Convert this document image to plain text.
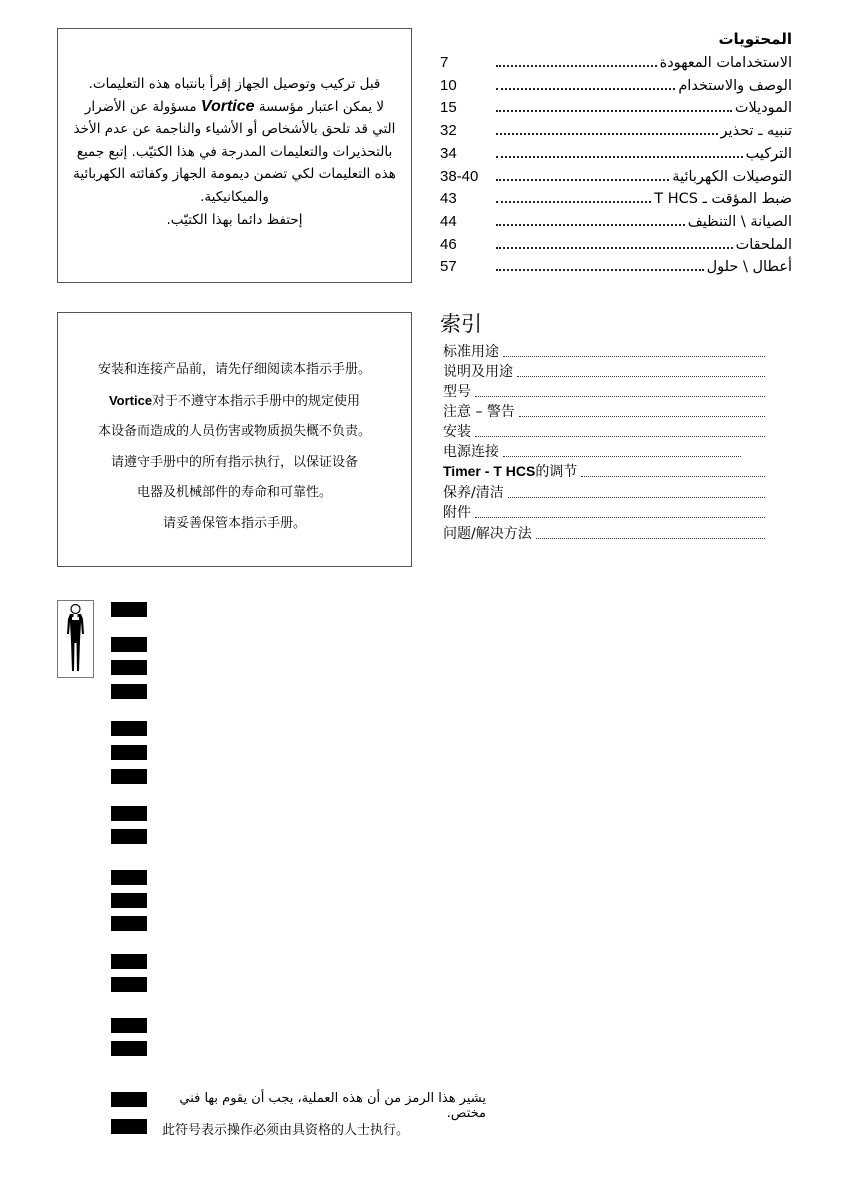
قبل تركيب وتوصيل الجهاز إقرأ بانتباه هذه التعليمات.
لا يمكن اعتبار مؤسسة Vortice مسؤولة عن الأضرار التي قد تلحق بالأشخاص أو الأشياء والناجمة عن عدم الأخذ بالتحذيرات والتعليمات المدرجة في هذا الكتيّب. إتبع جميع هذه التعليمات لكي تضمن ديمومة الجهاز وكفائته الكهربائية والميكانيكية.
إحتفظ دائما بهذا الكتيّب.
安装和连接产品前，请先仔细阅读本指示手册。
Vortice对于不遵守本指示手册中的规定使用
本设备而造成的人员伤害或物质损失概不负责。
请遵守手册中的所有指示执行，以保证设备
电器及机械部件的寿命和可靠性。
请妥善保管本指示手册。
المحتويات
7	الاستخدامات المعهودة
10	الوصف والاستخدام
15	الموديلات
32	تنبيه ـ تحذير
34	التركيب
38-40	التوصيلات الكهربائية
43	ضبط المؤقت ـ T HCS
44	الصيانة \ التنظيف
46	الملحقات
57	أعطال \ حلول
索引
标准用途
说明及用途
型号
注意 – 警告
安装
电源连接
Timer - T HCS的调节
保养/清洁
附件
问题/解决方法
يشير هذا الرمز من أن هذه العملية، يجب أن يقوم بها فني مختص.
此符号表示操作必须由具资格的人士执行。
